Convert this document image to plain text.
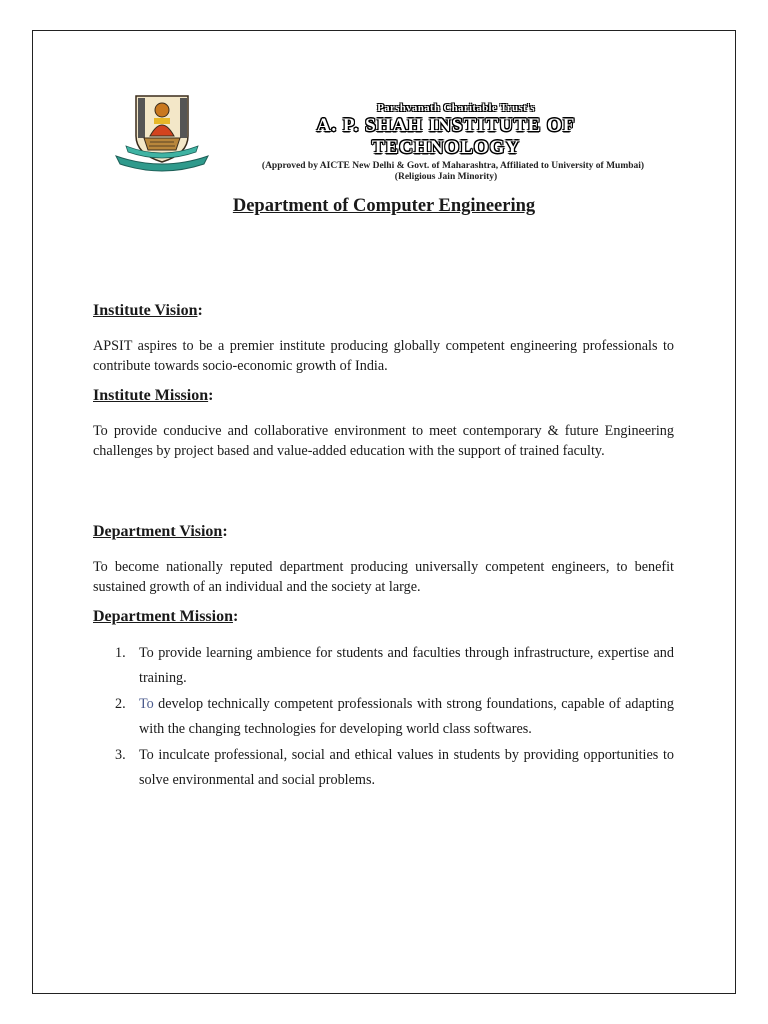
Parshvanath Charitable Trust's
A. P. SHAH INSTITUTE OF TECHNOLOGY
(Approved by AICTE New Delhi & Govt. of Maharashtra, Affiliated to University of Mumbai)
(Religious Jain Minority)
Department of Computer Engineering
Institute Vision:

APSIT aspires to be a premier institute producing globally competent engineering professionals to contribute towards socio-economic growth of India.

Institute Mission:

To provide conducive and collaborative environment to meet contemporary & future Engineering challenges by project based and value-added education with the support of trained faculty.

Department Vision:

To become nationally reputed department producing universally competent engineers, to benefit sustained growth of an individual and the society at large.

Department Mission:
1. To provide learning ambience for students and faculties through infrastructure, expertise and training.
2. To develop technically competent professionals with strong foundations, capable of adapting with the changing technologies for developing world class softwares.
3. To inculcate professional, social and ethical values in students by providing opportunities to solve environmental and social problems.
